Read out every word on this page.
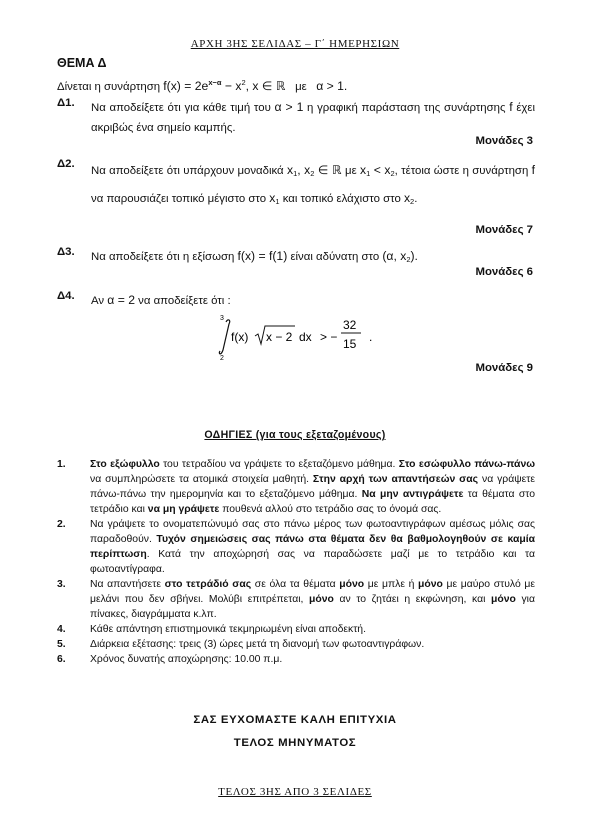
ΑΡΧΗ 3ΗΣ ΣΕΛΙΔΑΣ – Γ΄ ΗΜΕΡΗΣΙΩΝ
ΘΕΜΑ Δ
Δίνεται η συνάρτηση $f(x) = 2e^{x-\alpha} - x^2$, x ∈ ℝ με α > 1.
Δ1. Να αποδείξετε ότι για κάθε τιμή του α > 1 η γραφική παράσταση της συνάρτησης f έχει ακριβώς ένα σημείο καμπής.
Μονάδες 3
Δ2.
Να αποδείξετε ότι υπάρχουν μοναδικά $x_1$, $x_2$ ∈ ℝ με $x_1 < x_2$, τέτοια ώστε η συνάρτηση f να παρουσιάζει τοπικό μέγιστο στο $x_1$ και τοπικό ελάχιστο στο $x_2$.
Μονάδες 7
Δ3. Να αποδείξετε ότι η εξίσωση f(x) = f(1) είναι αδύνατη στο (α, $x_2$).
Μονάδες 6
Δ4. Αν α = 2 να αποδείξετε ότι :
3
2
f(x) x − 2 dx > −
32
15 .
Μονάδες 9
ΟΔΗΓΙΕΣ (για τους εξεταζομένους)
1. Στο εξώφυλλο του τετραδίου να γράψετε το εξεταζόμενο μάθημα. Στο εσώφυλλο πάνω-πάνω να συμπληρώσετε τα ατομικά στοιχεία μαθητή. Στην αρχή των απαντήσεών σας να γράψετε πάνω-πάνω την ημερομηνία και το εξεταζόμενο μάθημα. Να μην αντιγράψετε τα θέματα στο τετράδιο και να μη γράψετε πουθενά αλλού στο τετράδιο σας το όνομά σας.
2. Να γράψετε το ονοματεπώνυμό σας στο πάνω μέρος των φωτοαντιγράφων αμέσως μόλις σας παραδοθούν. Τυχόν σημειώσεις σας πάνω στα θέματα δεν θα βαθμολογηθούν σε καμία περίπτωση. Κατά την αποχώρησή σας να παραδώσετε μαζί με το τετράδιο και τα φωτοαντίγραφα.
3. Να απαντήσετε στο τετράδιό σας σε όλα τα θέματα μόνο με μπλε ή μόνο με μαύρο στυλό με μελάνι που δεν σβήνει. Μολύβι επιτρέπεται, μόνο αν το ζητάει η εκφώνηση, και μόνο για πίνακες, διαγράμματα κ.λπ.
4. Κάθε απάντηση επιστημονικά τεκμηριωμένη είναι αποδεκτή.
5. Διάρκεια εξέτασης: τρεις (3) ώρες μετά τη διανομή των φωτοαντιγράφων.
6. Χρόνος δυνατής αποχώρησης: 10.00 π.μ.
ΣΑΣ ΕΥΧΟΜΑΣΤΕ ΚΑΛΗ ΕΠΙΤΥΧΙΑ
ΤΕΛΟΣ ΜΗΝΥΜΑΤΟΣ
ΤΕΛΟΣ 3ΗΣ ΑΠΟ 3 ΣΕΛΙΔΕΣ
